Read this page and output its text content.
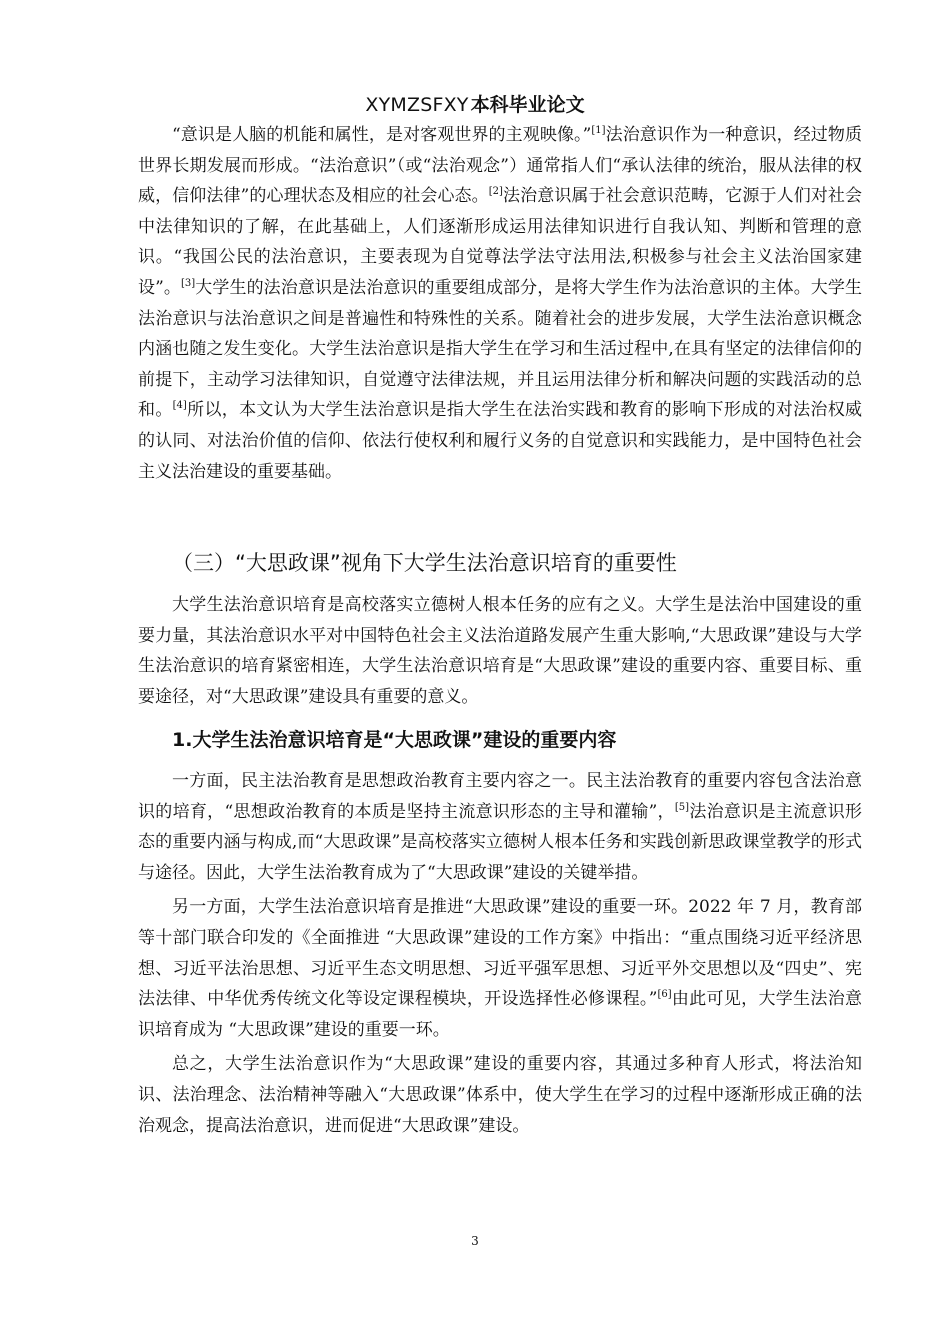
XYMZSFXY 本科毕业论文

“意识是人脑的机能和属性，是对客观世界的主观映像。”[1]法治意识作为一种意识，经过物质世界长期发展而形成。“法治意识”（或“法治观念”）通常指人们“承认法律的统治，服从法律的权威，信仰法律”的心理状态及相应的社会心态。[2]法治意识属于社会意识范畴，它源于人们对社会中法律知识的了解，在此基础上，人们逐渐形成运用法律知识进行自我认知、判断和管理的意识。“我国公民的法治意识，主要表现为自觉尊法学法守法用法,积极参与社会主义法治国家建设”。[3]大学生的法治意识是法治意识的重要组成部分，是将大学生作为法治意识的主体。大学生法治意识与法治意识之间是普遍性和特殊性的关系。随着社会的进步发展，大学生法治意识概念内涵也随之发生变化。大学生法治意识是指大学生在学习和生活过程中,在具有坚定的法律信仰的前提下，主动学习法律知识，自觉遵守法律法规，并且运用法律分析和解决问题的实践活动的总和。[4]所以，本文认为大学生法治意识是指大学生在法治实践和教育的影响下形成的对法治权威的认同、对法治价值的信仰、依法行使权利和履行义务的自觉意识和实践能力，是中国特色社会主义法治建设的重要基础。

（三）“大思政课”视角下大学生法治意识培育的重要性

大学生法治意识培育是高校落实立德树人根本任务的应有之义。大学生是法治中国建设的重要力量，其法治意识水平对中国特色社会主义法治道路发展产生重大影响,“大思政课”建设与大学生法治意识的培育紧密相连，大学生法治意识培育是“大思政课”建设的重要内容、重要目标、重要途径，对“大思政课”建设具有重要的意义。

1.大学生法治意识培育是“大思政课”建设的重要内容

一方面，民主法治教育是思想政治教育主要内容之一。民主法治教育的重要内容包含法治意识的培育，“思想政治教育的本质是坚持主流意识形态的主导和灌输”，[5]法治意识是主流意识形态的重要内涵与构成,而“大思政课”是高校落实立德树人根本任务和实践创新思政课堂教学的形式与途径。因此，大学生法治教育成为了“大思政课”建设的关键举措。

另一方面，大学生法治意识培育是推进“大思政课”建设的重要一环。2022 年 7 月，教育部等十部门联合印发的《全面推进 “大思政课”建设的工作方案》中指出：“重点围绕习近平经济思想、习近平法治思想、习近平生态文明思想、习近平强军思想、习近平外交思想以及“四史”、宪法法律、中华优秀传统文化等设定课程模块，开设选择性必修课程。”[6]由此可见，大学生法治意识培育成为 “大思政课”建设的重要一环。

总之，大学生法治意识作为“大思政课”建设的重要内容，其通过多种育人形式，将法治知识、法治理念、法治精神等融入“大思政课”体系中，使大学生在学习的过程中逐渐形成正确的法治观念，提高法治意识，进而促进“大思政课”建设。

3
